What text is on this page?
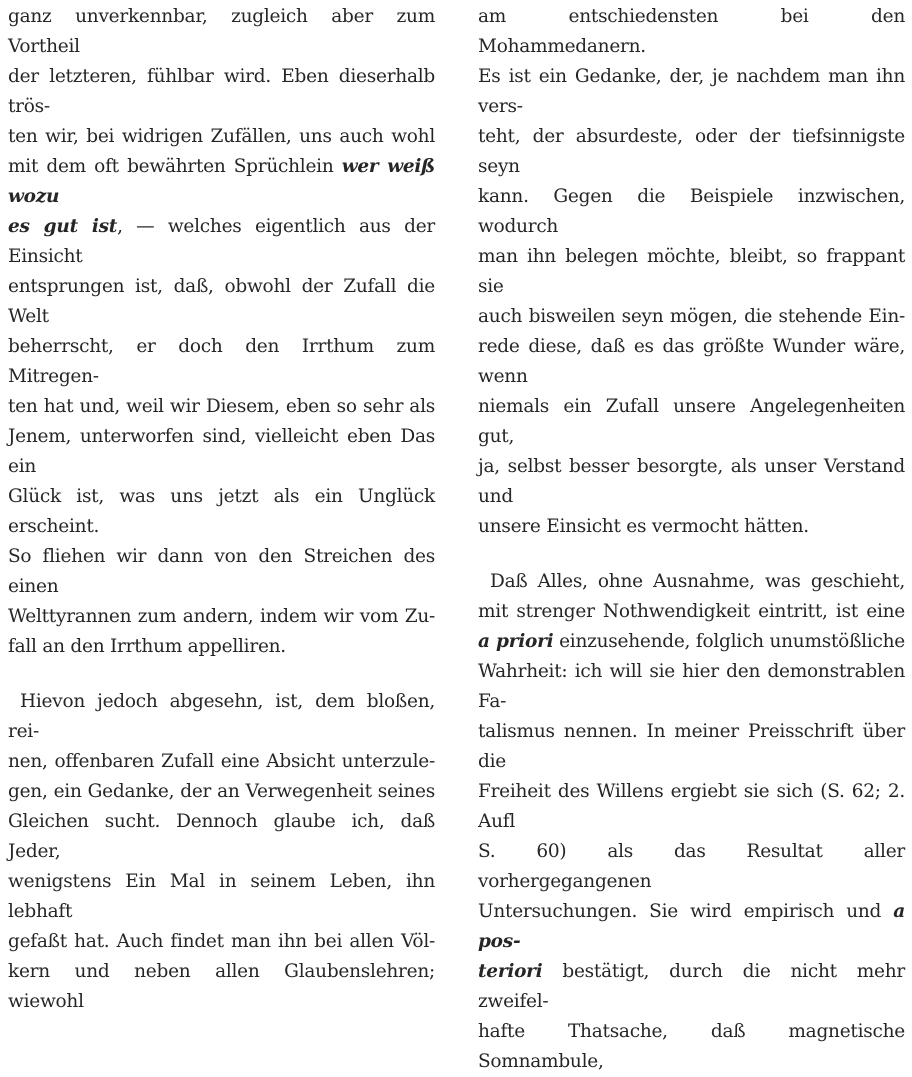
ganz unverkennbar, zugleich aber zum Vortheil
der letzteren, fühlbar wird. Eben dieserhalb trös-
ten wir, bei widrigen Zufällen, uns auch wohl
mit dem oft bewährten Sprüchlein wer weiß wozu
es gut ist, — welches eigentlich aus der Einsicht
entsprungen ist, daß, obwohl der Zufall die Welt
beherrscht, er doch den Irrthum zum Mitregen-
ten hat und, weil wir Diesem, eben so sehr als
Jenem, unterworfen sind, vielleicht eben Das ein
Glück ist, was uns jetzt als ein Unglück erscheint.
So fliehen wir dann von den Streichen des einen
Welttyrannen zum andern, indem wir vom Zu-
fall an den Irrthum appelliren.
Hievon jedoch abgesehn, ist, dem bloßen, rei-
nen, offenbaren Zufall eine Absicht unterzule-
gen, ein Gedanke, der an Verwegenheit seines
Gleichen sucht. Dennoch glaube ich, daß Jeder,
wenigstens Ein Mal in seinem Leben, ihn lebhaft
gefaßt hat. Auch findet man ihn bei allen Völ-
kern und neben allen Glaubenslehren; wiewohl
am entschiedensten bei den Mohammedanern.
Es ist ein Gedanke, der, je nachdem man ihn vers-
teht, der absurdeste, oder der tiefsinnigste seyn
kann. Gegen die Beispiele inzwischen, wodurch
man ihn belegen möchte, bleibt, so frappant sie
auch bisweilen seyn mögen, die stehende Ein-
rede diese, daß es das größte Wunder wäre, wenn
niemals ein Zufall unsere Angelegenheiten gut,
ja, selbst besser besorgte, als unser Verstand und
unsere Einsicht es vermocht hätten.
Daß Alles, ohne Ausnahme, was geschieht,
mit strenger Nothwendigkeit eintritt, ist eine
a priori einzusehende, folglich unumstößliche
Wahrheit: ich will sie hier den demonstrablen Fa-
talismus nennen. In meiner Preisschrift über die
Freiheit des Willens ergiebt sie sich (S. 62; 2. Aufl
S. 60) als das Resultat aller vorhergegangenen
Untersuchungen. Sie wird empirisch und a pos-
teriori bestätigt, durch die nicht mehr zweifel-
hafte Thatsache, daß magnetische Somnambule,
